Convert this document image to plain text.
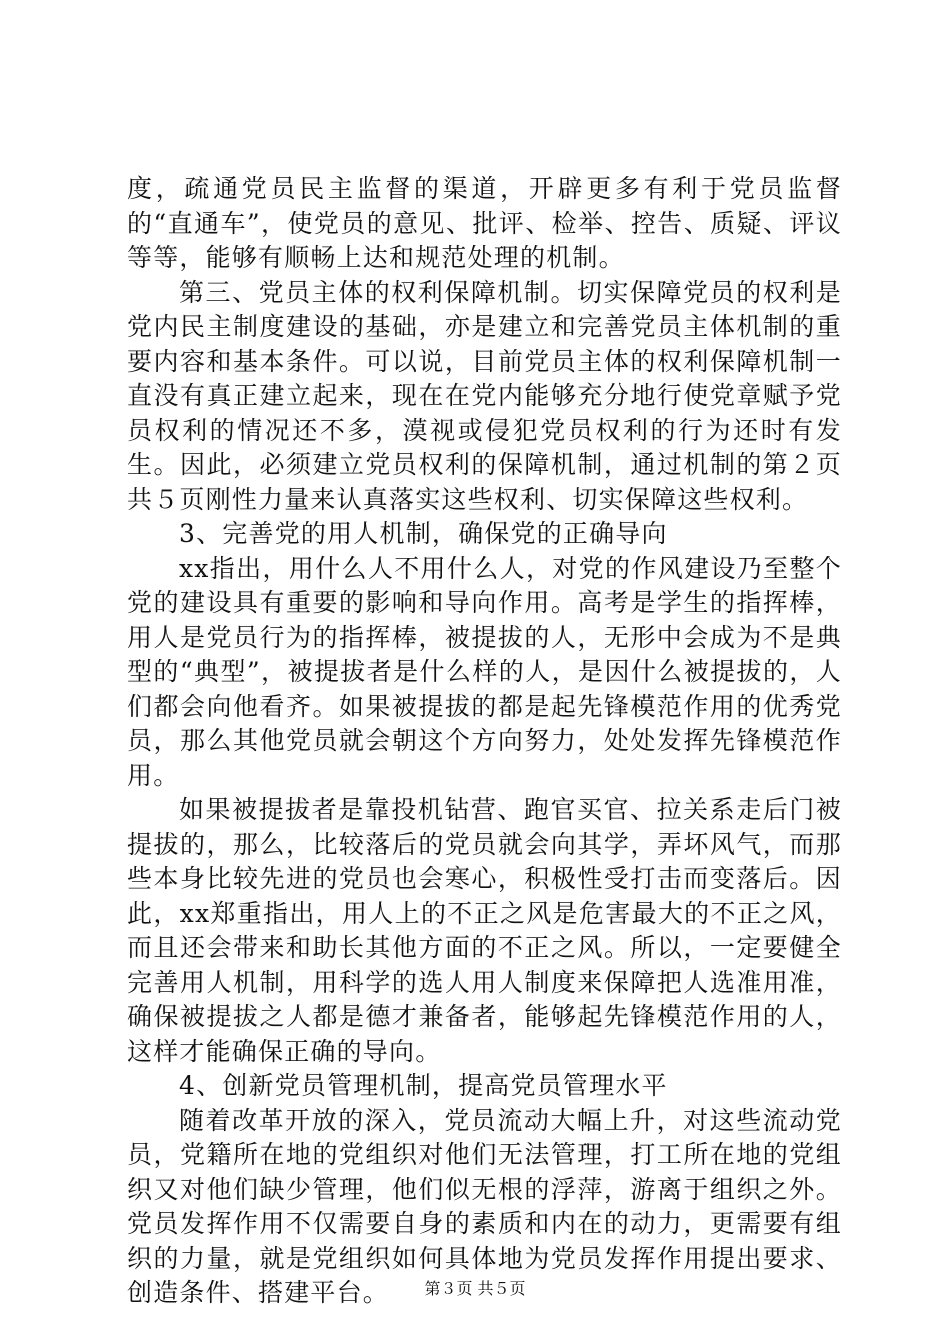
度，疏通党员民主监督的渠道，开辟更多有利于党员监督的“直通车”，使党员的意见、批评、检举、控告、质疑、评议等等，能够有顺畅上达和规范处理的机制。

第三、党员主体的权利保障机制。切实保障党员的权利是党内民主制度建设的基础，亦是建立和完善党员主体机制的重要内容和基本条件。可以说，目前党员主体的权利保障机制一直没有真正建立起来，现在在党内能够充分地行使党章赋予党员权利的情况还不多，漠视或侵犯党员权利的行为还时有发生。因此，必须建立党员权利的保障机制，通过机制的第２页共５页刚性力量来认真落实这些权利、切实保障这些权利。

3、完善党的用人机制，确保党的正确导向

xx指出，用什么人不用什么人，对党的作风建设乃至整个党的建设具有重要的影响和导向作用。高考是学生的指挥棒，用人是党员行为的指挥棒，被提拔的人，无形中会成为不是典型的“典型”，被提拔者是什么样的人，是因什么被提拔的，人们都会向他看齐。如果被提拔的都是起先锋模范作用的优秀党员，那么其他党员就会朝这个方向努力，处处发挥先锋模范作用。

如果被提拔者是靠投机钻营、跑官买官、拉关系走后门被提拔的，那么，比较落后的党员就会向其学，弄坏风气，而那些本身比较先进的党员也会寒心，积极性受打击而变落后。因此，xx郑重指出，用人上的不正之风是危害最大的不正之风，而且还会带来和助长其他方面的不正之风。所以，一定要健全完善用人机制，用科学的选人用人制度来保障把人选准用准，确保被提拔之人都是德才兼备者，能够起先锋模范作用的人，这样才能确保正确的导向。

4、创新党员管理机制，提高党员管理水平

随着改革开放的深入，党员流动大幅上升，对这些流动党员，党籍所在地的党组织对他们无法管理，打工所在地的党组织又对他们缺少管理，他们似无根的浮萍，游离于组织之外。党员发挥作用不仅需要自身的素质和内在的动力，更需要有组织的力量，就是党组织如何具体地为党员发挥作用提出要求、创造条件、搭建平台。	第３页 共５页
